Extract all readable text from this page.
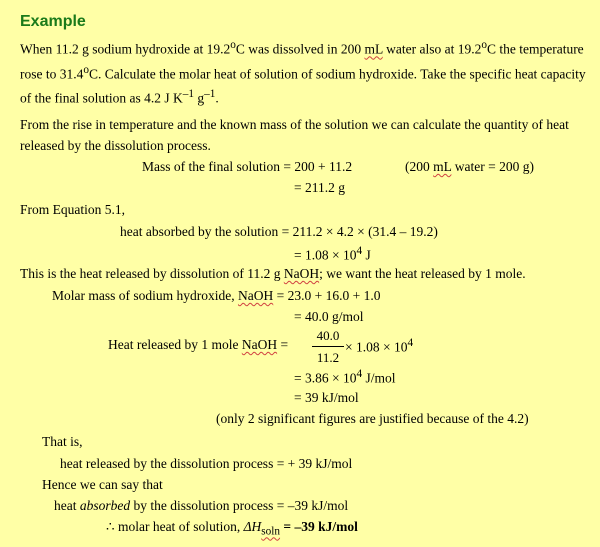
Example
When 11.2 g sodium hydroxide at 19.2$^o$C was dissolved in 200 mL water also at 19.2$^o$C the temperature rose to 31.4$^o$C. Calculate the molar heat of solution of sodium hydroxide. Take the specific heat capacity of the final solution as 4.2 J $K^{-1}$ $g^{-1}$.
From the rise in temperature and the known mass of the solution we can calculate the quantity of heat released by the dissolution process.
Mass of the final solution = 200 + 11.2	(200 mL water = 200 g)
= 211.2 g
From Equation 5.1,
heat absorbed by the solution = 211.2 × 4.2 × (31.4 – 19.2)
= $1.08 \times 10^4$ J
This is the heat released by dissolution of 11.2 g NaOH; we want the heat released by 1 mole.
Molar mass of sodium hydroxide, NaOH = 23.0 + 16.0 + 1.0
= 40.0 g/mol
Heat released by 1 mole NaOH =
40.0
11.2
× $1.08 \times 10^4$
= $3.86 \times 10^4$ J/mol
= 39 kJ/mol
(only 2 significant figures are justified because of the 4.2)
That is,
heat released by the dissolution process = + 39 kJ/mol
Hence we can say that
heat absorbed by the dissolution process = –39 kJ/mol
∴ molar heat of solution, $\Delta H_{soln} = -39$ kJ/mol
